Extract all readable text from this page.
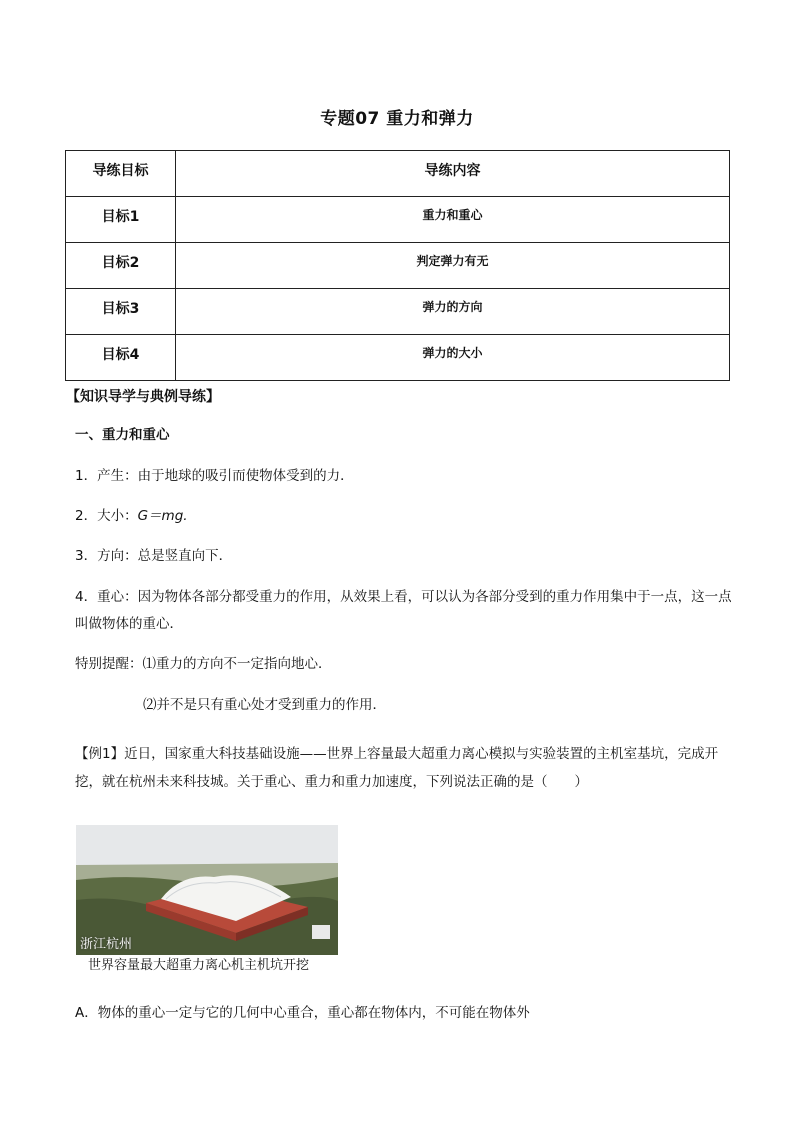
专题07 重力和弹力
导练目标	导练内容
目标1	重力和重心
目标2	判定弹力有无
目标3	弹力的方向
目标4	弹力的大小
【知识导学与典例导练】
一、重力和重心
1．产生：由于地球的吸引而使物体受到的力．
2．大小：G＝mg.
3．方向：总是竖直向下．
4．重心：因为物体各部分都受重力的作用，从效果上看，可以认为各部分受到的重力作用集中于一点，这一点叫做物体的重心．
特别提醒：⑴重力的方向不一定指向地心．
⑵并不是只有重心处才受到重力的作用．
【例1】近日，国家重大科技基础设施——世界上容量最大超重力离心模拟与实验装置的主机室基坑，完成开挖，就在杭州未来科技城。关于重心、重力和重力加速度，下列说法正确的是（　　）
浙江杭州
世界容量最大超重力离心机主机坑开挖
A．物体的重心一定与它的几何中心重合，重心都在物体内，不可能在物体外
